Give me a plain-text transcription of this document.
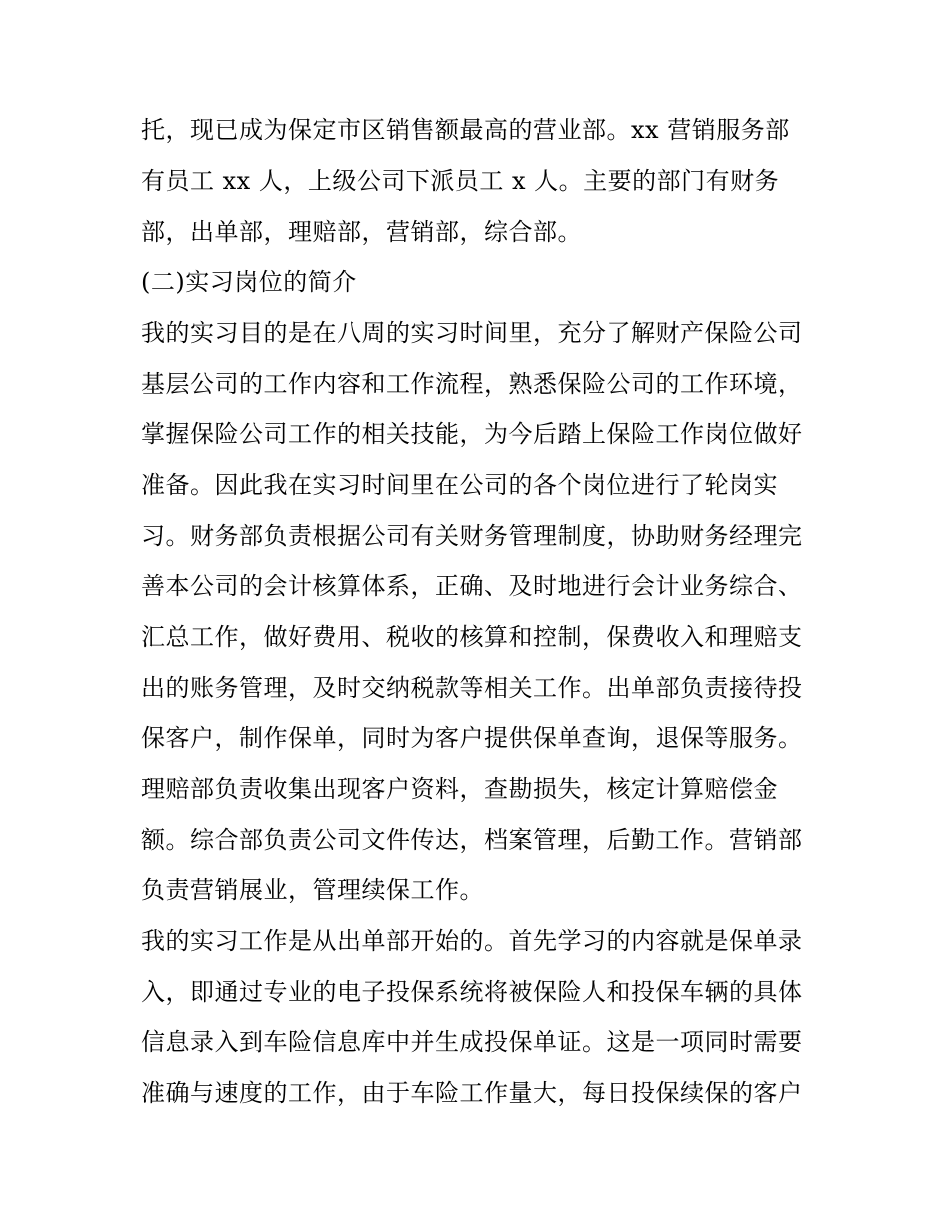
托，现已成为保定市区销售额最高的营业部。xx 营销服务部
有员工 xx 人，上级公司下派员工 x 人。主要的部门有财务
部，出单部，理赔部，营销部，综合部。
(二)实习岗位的简介
我的实习目的是在八周的实习时间里，充分了解财产保险公司
基层公司的工作内容和工作流程，熟悉保险公司的工作环境，
掌握保险公司工作的相关技能，为今后踏上保险工作岗位做好
准备。因此我在实习时间里在公司的各个岗位进行了轮岗实
习。财务部负责根据公司有关财务管理制度，协助财务经理完
善本公司的会计核算体系，正确、及时地进行会计业务综合、
汇总工作，做好费用、税收的核算和控制，保费收入和理赔支
出的账务管理，及时交纳税款等相关工作。出单部负责接待投
保客户，制作保单，同时为客户提供保单查询，退保等服务。
理赔部负责收集出现客户资料，查勘损失，核定计算赔偿金
额。综合部负责公司文件传达，档案管理，后勤工作。营销部
负责营销展业，管理续保工作。
我的实习工作是从出单部开始的。首先学习的内容就是保单录
入，即通过专业的电子投保系统将被保险人和投保车辆的具体
信息录入到车险信息库中并生成投保单证。这是一项同时需要
准确与速度的工作，由于车险工作量大，每日投保续保的客户
